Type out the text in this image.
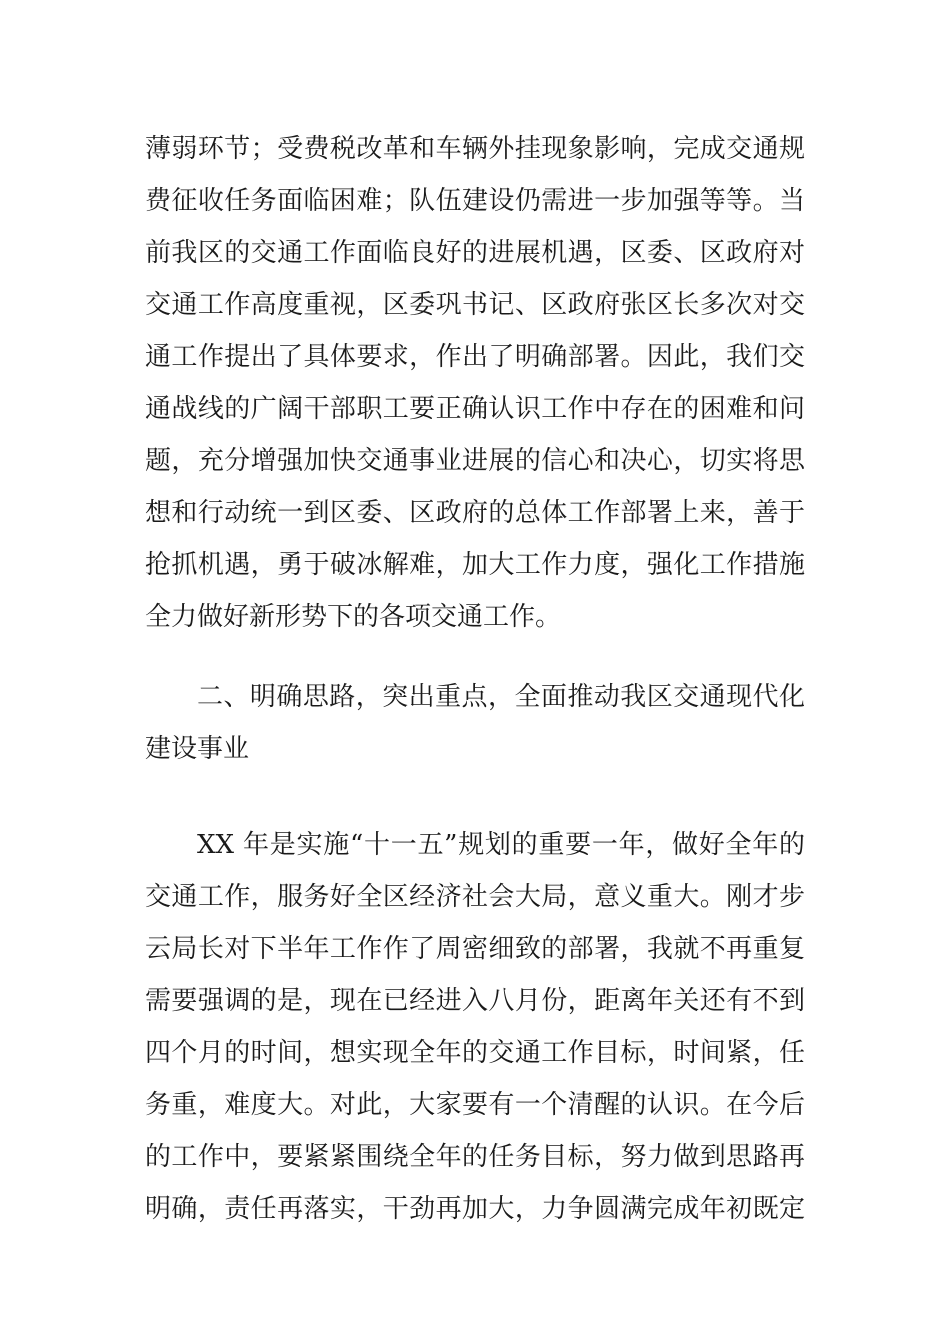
薄弱环节；受费税改革和车辆外挂现象影响，完成交通规
费征收任务面临困难；队伍建设仍需进一步加强等等。当
前我区的交通工作面临良好的进展机遇，区委、区政府对
交通工作高度重视，区委巩书记、区政府张区长多次对交
通工作提出了具体要求，作出了明确部署。因此，我们交
通战线的广阔干部职工要正确认识工作中存在的困难和问
题，充分增强加快交通事业进展的信心和决心，切实将思
想和行动统一到区委、区政府的总体工作部署上来，善于
抢抓机遇，勇于破冰解难，加大工作力度，强化工作措施
全力做好新形势下的各项交通工作。
二、明确思路，突出重点，全面推动我区交通现代化
建设事业
XX 年是实施“十一五”规划的重要一年，做好全年的
交通工作，服务好全区经济社会大局，意义重大。刚才步
云局长对下半年工作作了周密细致的部署，我就不再重复
需要强调的是，现在已经进入八月份，距离年关还有不到
四个月的时间，想实现全年的交通工作目标，时间紧，任
务重，难度大。对此，大家要有一个清醒的认识。在今后
的工作中，要紧紧围绕全年的任务目标，努力做到思路再
明确，责任再落实，干劲再加大，力争圆满完成年初既定
